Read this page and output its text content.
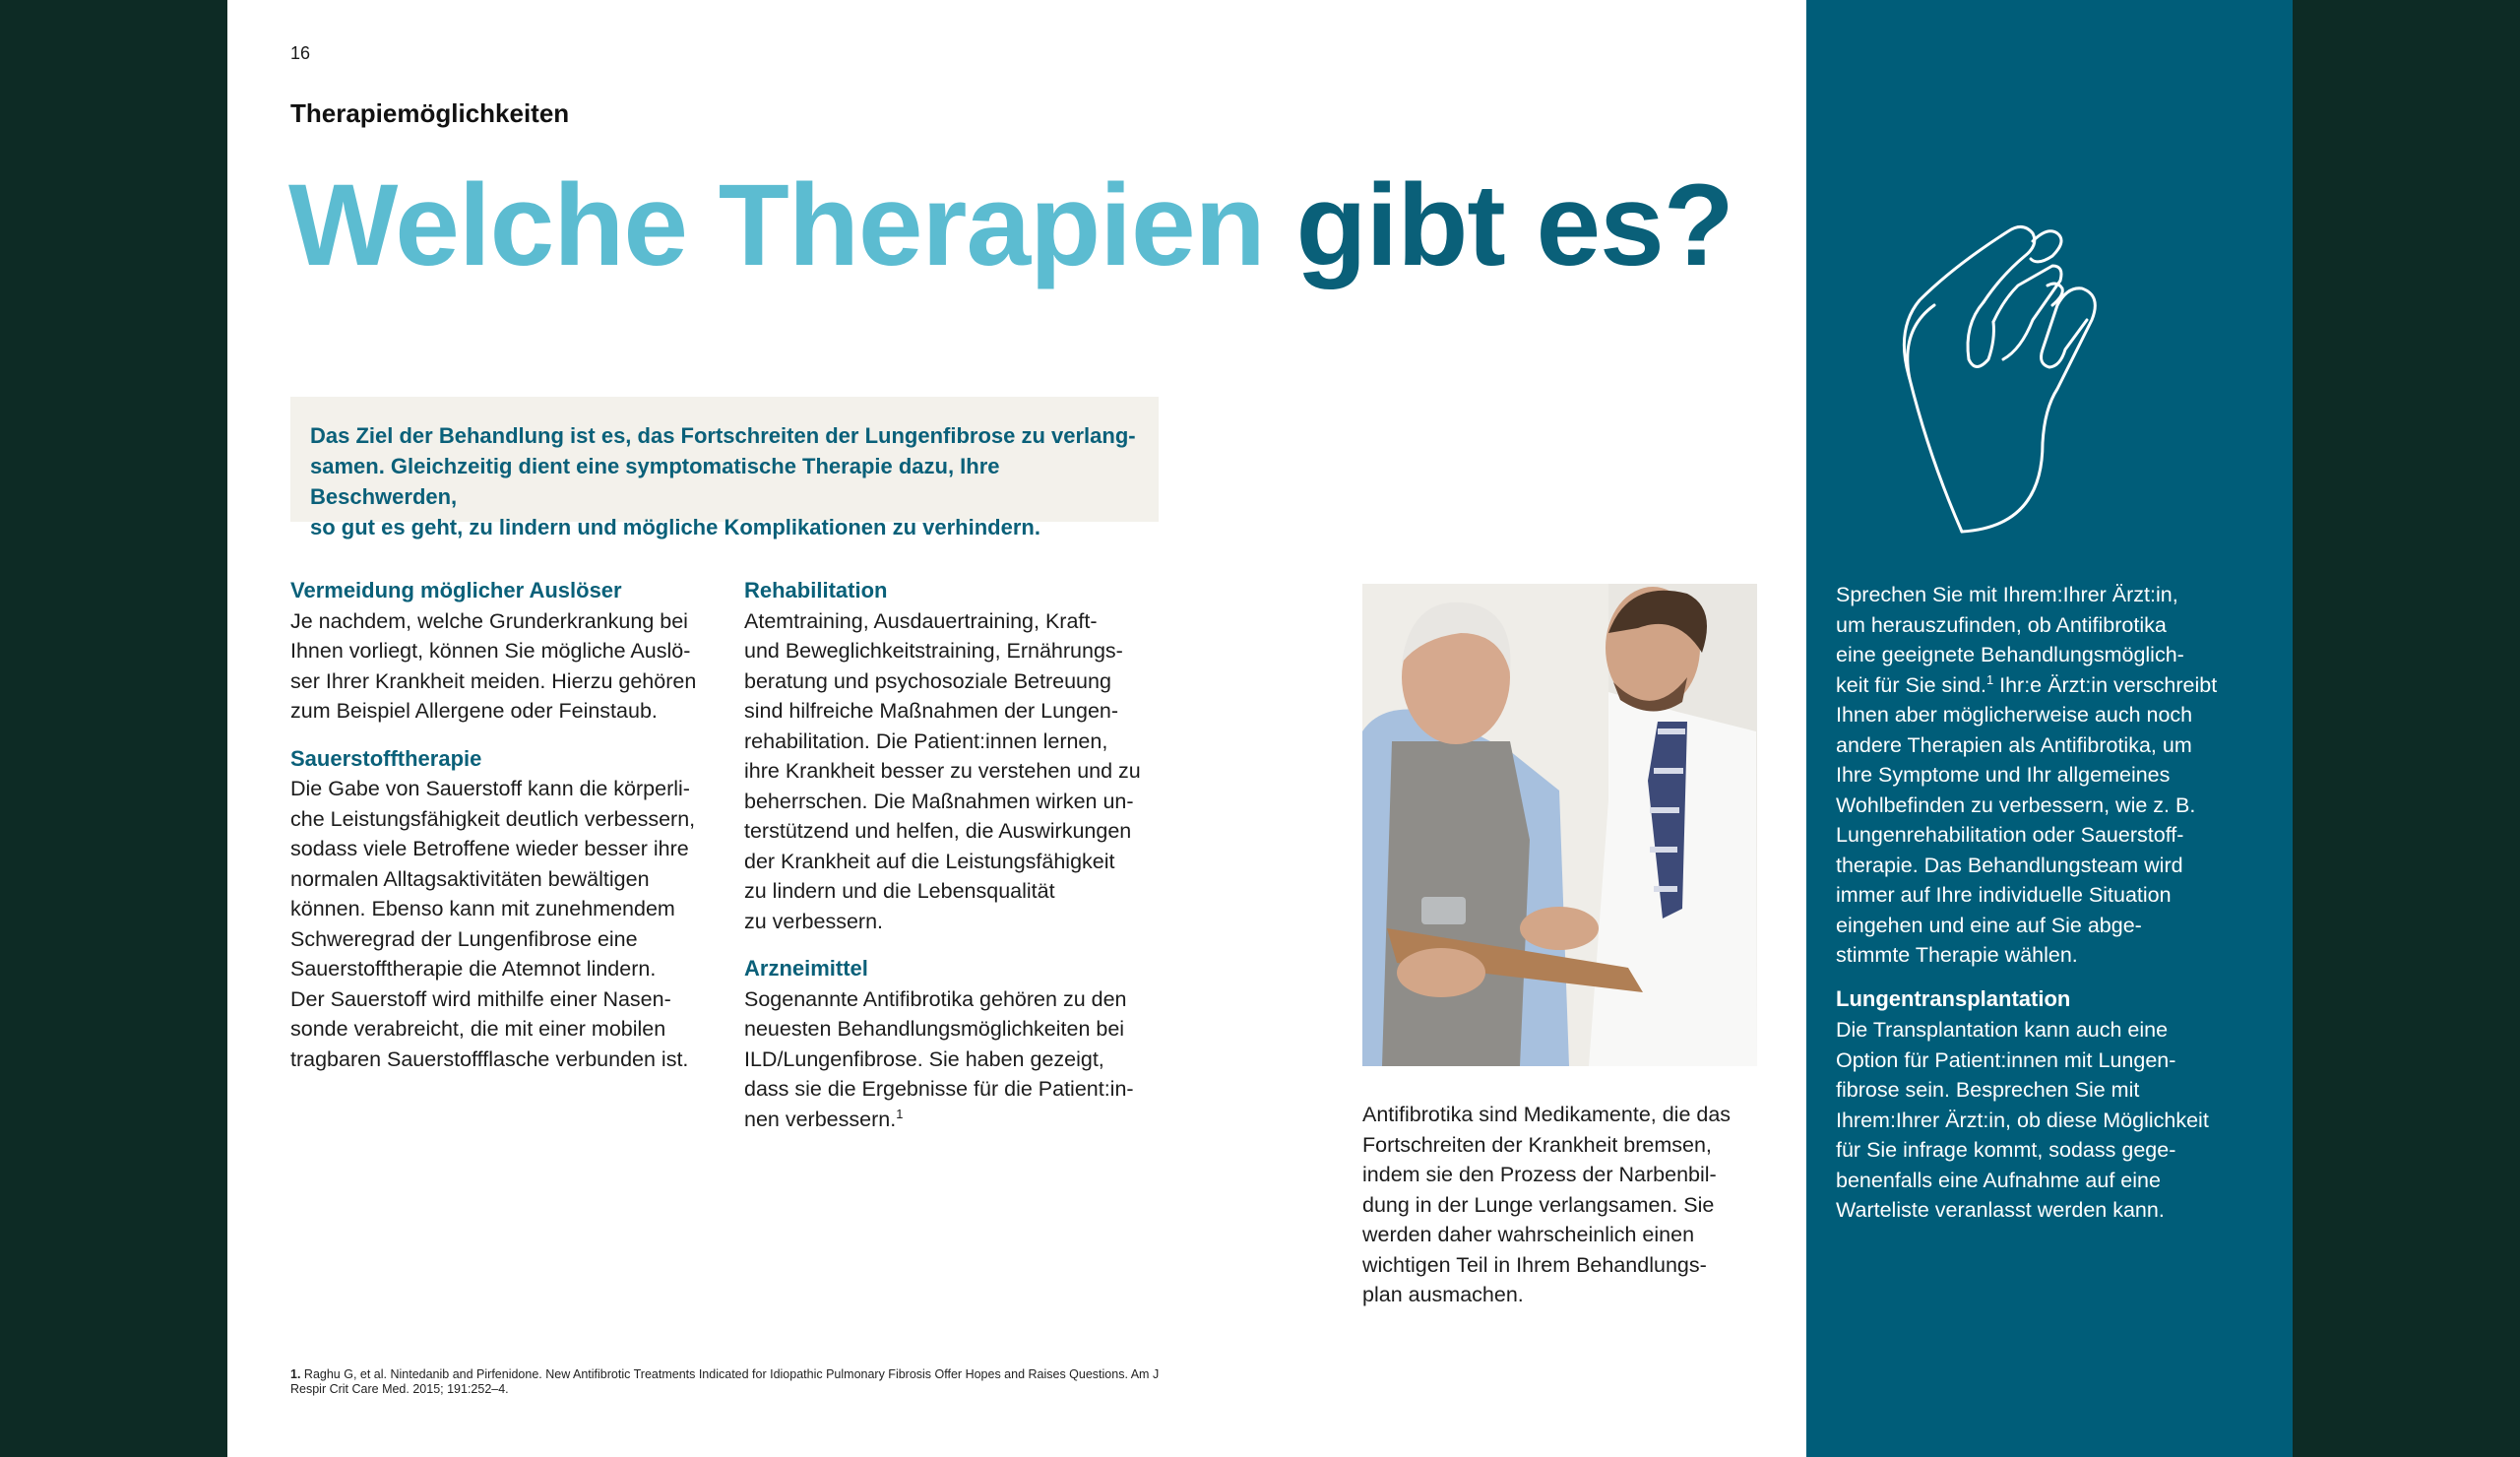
16
Therapiemöglichkeiten
Welche Therapien gibt es?
Das Ziel der Behandlung ist es, das Fortschreiten der Lungenfibrose zu verlang-
samen. Gleichzeitig dient eine symptomatische Therapie dazu, Ihre Beschwerden,
so gut es geht, zu lindern und mögliche Komplikationen zu verhindern.
Vermeidung möglicher Auslöser

Je nachdem, welche Grunderkrankung bei
Ihnen vorliegt, können Sie mögliche Auslö-
ser Ihrer Krankheit meiden. Hierzu gehören
zum Beispiel Allergene oder Feinstaub.

Sauerstofftherapie

Die Gabe von Sauerstoff kann die körperli-
che Leistungsfähigkeit deutlich verbessern,
sodass viele Betroffene wieder besser ihre
normalen Alltagsaktivitäten bewältigen
können. Ebenso kann mit zunehmendem
Schweregrad der Lungenfibrose eine
Sauerstofftherapie die Atemnot lindern.
Der Sauerstoff wird mithilfe einer Nasen-
sonde verabreicht, die mit einer mobilen
tragbaren Sauerstoffflasche verbunden ist.

Rehabilitation

Atemtraining, Ausdauertraining, Kraft-
und Beweglichkeitstraining, Ernährungs-
beratung und psychosoziale Betreuung
sind hilfreiche Maßnahmen der Lungen-
rehabilitation. Die Patient:innen lernen,
ihre Krankheit besser zu verstehen und zu
beherrschen. Die Maßnahmen wirken un-
terstützend und helfen, die Auswirkungen
der Krankheit auf die Leistungsfähigkeit
zu lindern und die Lebensqualität
zu verbessern.

Arzneimittel

Sogenannte Antifibrotika gehören zu den
neuesten Behandlungsmöglichkeiten bei
ILD/Lungenfibrose. Sie haben gezeigt,
dass sie die Ergebnisse für die Patient:in-
nen verbessern.$^1$	Antifibrotika sind Medikamente, die das
Fortschreiten der Krankheit bremsen,
indem sie den Prozess der Narbenbil-
dung in der Lunge verlangsamen. Sie
werden daher wahrscheinlich einen
wichtigen Teil in Ihrem Behandlungs-
plan ausmachen.
1. Raghu G, et al. Nintedanib and Pirfenidone. New Antifibrotic Treatments Indicated for Idiopathic Pulmonary Fibrosis Offer Hopes and Raises Questions. Am J Respir Crit Care Med. 2015; 191:252–4.
Sprechen Sie mit Ihrem:Ihrer Ärzt:in,
um herauszufinden, ob Antifibrotika
eine geeignete Behandlungsmöglich-
keit für Sie sind.$^1$ Ihr:e Ärzt:in verschreibt
Ihnen aber möglicherweise auch noch
andere Therapien als Antifibrotika, um
Ihre Symptome und Ihr allgemeines
Wohlbefinden zu verbessern, wie z. B.
Lungenrehabilitation oder Sauerstoff-
therapie. Das Behandlungsteam wird
immer auf Ihre individuelle Situation
eingehen und eine auf Sie abge-
stimmte Therapie wählen.
Lungentransplantation
Die Transplantation kann auch eine
Option für Patient:innen mit Lungen-
fibrose sein. Besprechen Sie mit
Ihrem:Ihrer Ärzt:in, ob diese Möglichkeit
für Sie infrage kommt, sodass gege-
benenfalls eine Aufnahme auf eine
Warteliste veranlasst werden kann.
